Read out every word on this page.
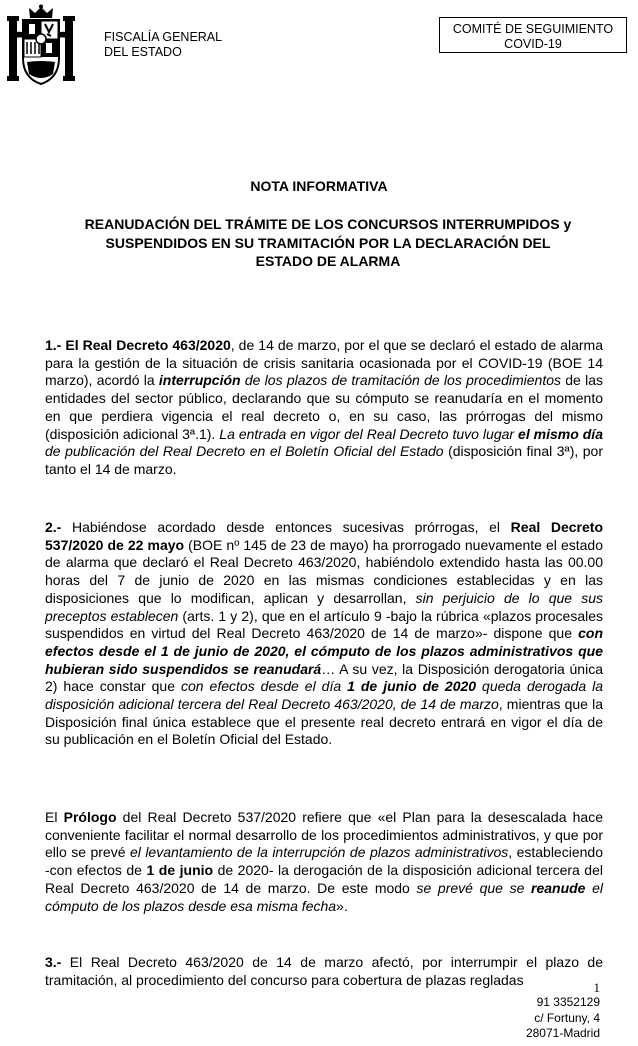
FISCALÍA GENERAL
DEL ESTADO
COMITÉ DE SEGUIMIENTO
COVID-19
NOTA INFORMATIVA
REANUDACIÓN DEL TRÁMITE DE LOS CONCURSOS INTERRUMPIDOS y
SUSPENDIDOS EN SU TRAMITACIÓN POR LA DECLARACIÓN DEL
ESTADO DE ALARMA

1.- El Real Decreto 463/2020, de 14 de marzo, por el que se declaró el estado de alarma para la gestión de la situación de crisis sanitaria ocasionada por el COVID-19 (BOE 14 marzo), acordó la interrupción de los plazos de tramitación de los procedimientos de las entidades del sector público, declarando que su cómputo se reanudaría en el momento en que perdiera vigencia el real decreto o, en su caso, las prórrogas del mismo (disposición adicional 3ª.1). La entrada en vigor del Real Decreto tuvo lugar el mismo día de publicación del Real Decreto en el Boletín Oficial del Estado (disposición final 3ª), por tanto el 14 de marzo.

2.- Habiéndose acordado desde entonces sucesivas prórrogas, el Real Decreto 537/2020 de 22 mayo (BOE nº 145 de 23 de mayo) ha prorrogado nuevamente el estado de alarma que declaró el Real Decreto 463/2020, habiéndolo extendido hasta las 00.00 horas del 7 de junio de 2020 en las mismas condiciones establecidas y en las disposiciones que lo modifican, aplican y desarrollan, sin perjuicio de lo que sus preceptos establecen (arts. 1 y 2), que en el artículo 9 -bajo la rúbrica «plazos procesales suspendidos en virtud del Real Decreto 463/2020 de 14 de marzo»- dispone que con efectos desde el 1 de junio de 2020, el cómputo de los plazos administrativos que hubieran sido suspendidos se reanudará… A su vez, la Disposición derogatoria única 2) hace constar que con efectos desde el día 1 de junio de 2020 queda derogada la disposición adicional tercera del Real Decreto 463/2020, de 14 de marzo, mientras que la Disposición final única establece que el presente real decreto entrará en vigor el día de su publicación en el Boletín Oficial del Estado.

El Prólogo del Real Decreto 537/2020 refiere que «el Plan para la desescalada hace conveniente facilitar el normal desarrollo de los procedimientos administrativos, y que por ello se prevé el levantamiento de la interrupción de plazos administrativos, estableciendo -con efectos de 1 de junio de 2020- la derogación de la disposición adicional tercera del Real Decreto 463/2020 de 14 de marzo. De este modo se prevé que se reanude el cómputo de los plazos desde esa misma fecha».

3.- El Real Decreto 463/2020 de 14 de marzo afectó, por interrumpir el plazo de tramitación, al procedimiento del concurso para cobertura de plazas regladas	1
91 3352129
c/ Fortuny, 4
28071-Madrid
